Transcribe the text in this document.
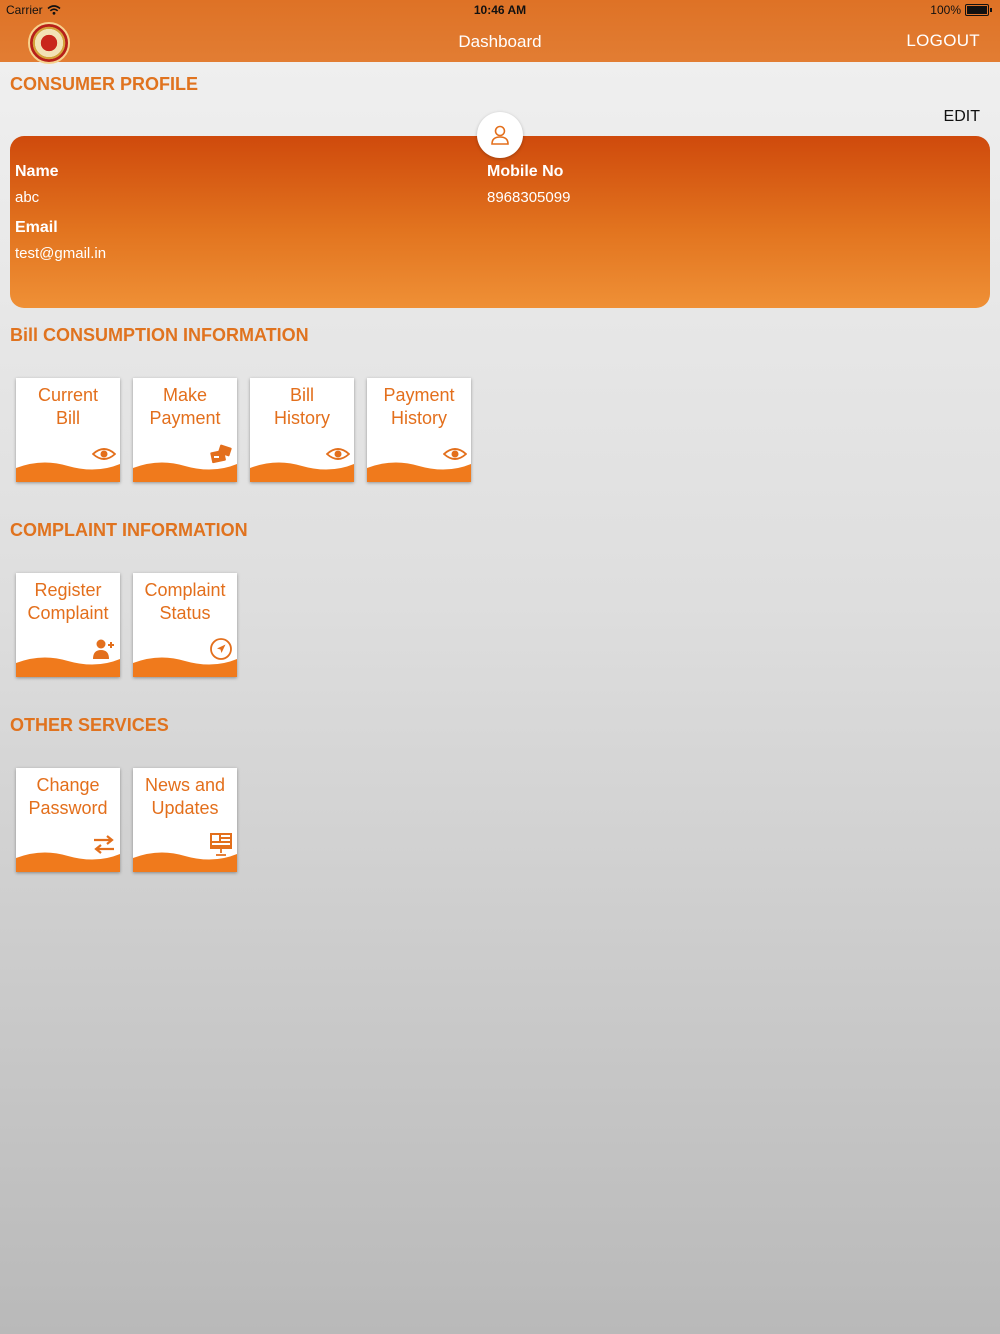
Carrier	10:46 AM	100%
Dashboard	LOGOUT
CONSUMER PROFILE
EDIT
Name
abc
Mobile No
8968305099
Email
test@gmail.in
Bill CONSUMPTION INFORMATION
Current
Bill
Make
Payment
Bill
History
Payment
History
COMPLAINT INFORMATION
Register
Complaint
Complaint
Status
OTHER SERVICES
Change
Password
News and
Updates
